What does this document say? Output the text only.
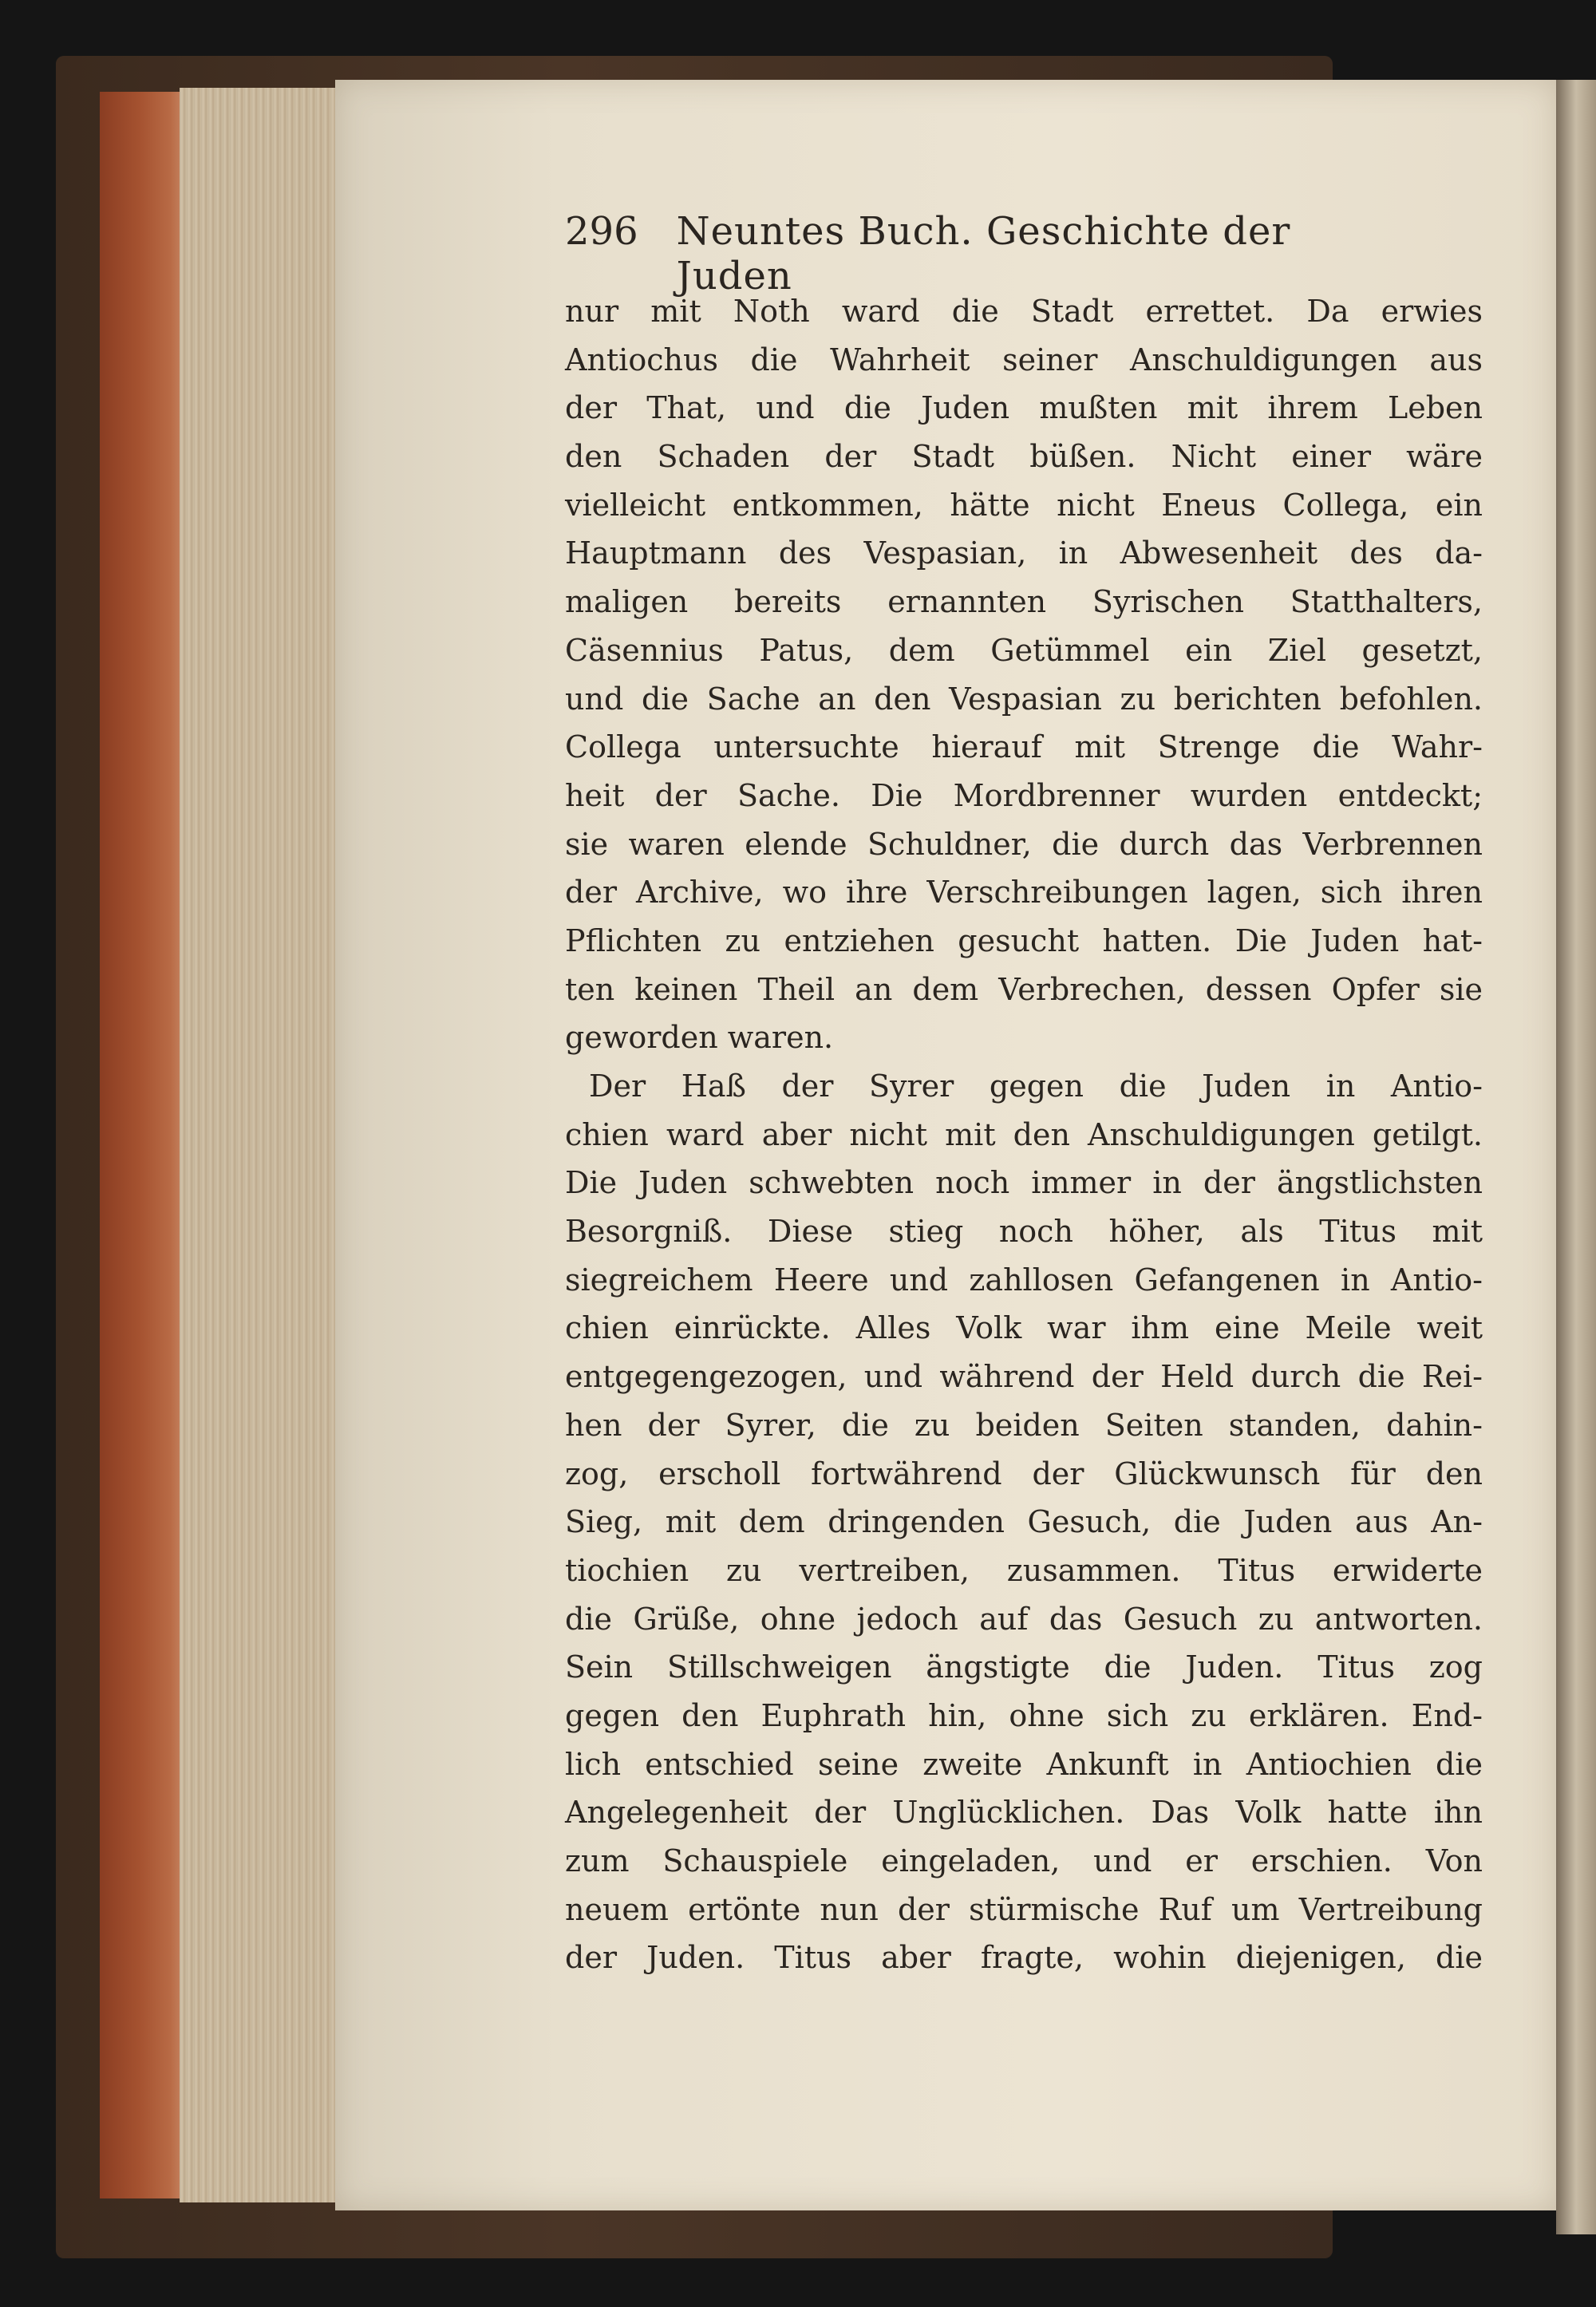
296 Neuntes Buch. Geschichte der Juden
nur mit Noth ward die Stadt errettet. Da erwies
Antiochus die Wahrheit seiner Anschuldigungen aus
der That, und die Juden mußten mit ihrem Leben
den Schaden der Stadt büßen. Nicht einer wäre
vielleicht entkommen, hätte nicht Eneus Collega, ein
Hauptmann des Vespasian, in Abwesenheit des da-
maligen bereits ernannten Syrischen Statthalters,
Cäsennius Patus, dem Getümmel ein Ziel gesetzt,
und die Sache an den Vespasian zu berichten befohlen.
Collega untersuchte hierauf mit Strenge die Wahr-
heit der Sache. Die Mordbrenner wurden entdeckt;
sie waren elende Schuldner, die durch das Verbrennen
der Archive, wo ihre Verschreibungen lagen, sich ihren
Pflichten zu entziehen gesucht hatten. Die Juden hat-
ten keinen Theil an dem Verbrechen, dessen Opfer sie
geworden waren.
Der Haß der Syrer gegen die Juden in Antio-
chien ward aber nicht mit den Anschuldigungen getilgt.
Die Juden schwebten noch immer in der ängstlichsten
Besorgniß. Diese stieg noch höher, als Titus mit
siegreichem Heere und zahllosen Gefangenen in Antio-
chien einrückte. Alles Volk war ihm eine Meile weit
entgegengezogen, und während der Held durch die Rei-
hen der Syrer, die zu beiden Seiten standen, dahin-
zog, erscholl fortwährend der Glückwunsch für den
Sieg, mit dem dringenden Gesuch, die Juden aus An-
tiochien zu vertreiben, zusammen. Titus erwiderte
die Grüße, ohne jedoch auf das Gesuch zu antworten.
Sein Stillschweigen ängstigte die Juden. Titus zog
gegen den Euphrath hin, ohne sich zu erklären. End-
lich entschied seine zweite Ankunft in Antiochien die
Angelegenheit der Unglücklichen. Das Volk hatte ihn
zum Schauspiele eingeladen, und er erschien. Von
neuem ertönte nun der stürmische Ruf um Vertreibung
der Juden. Titus aber fragte, wohin diejenigen, die
